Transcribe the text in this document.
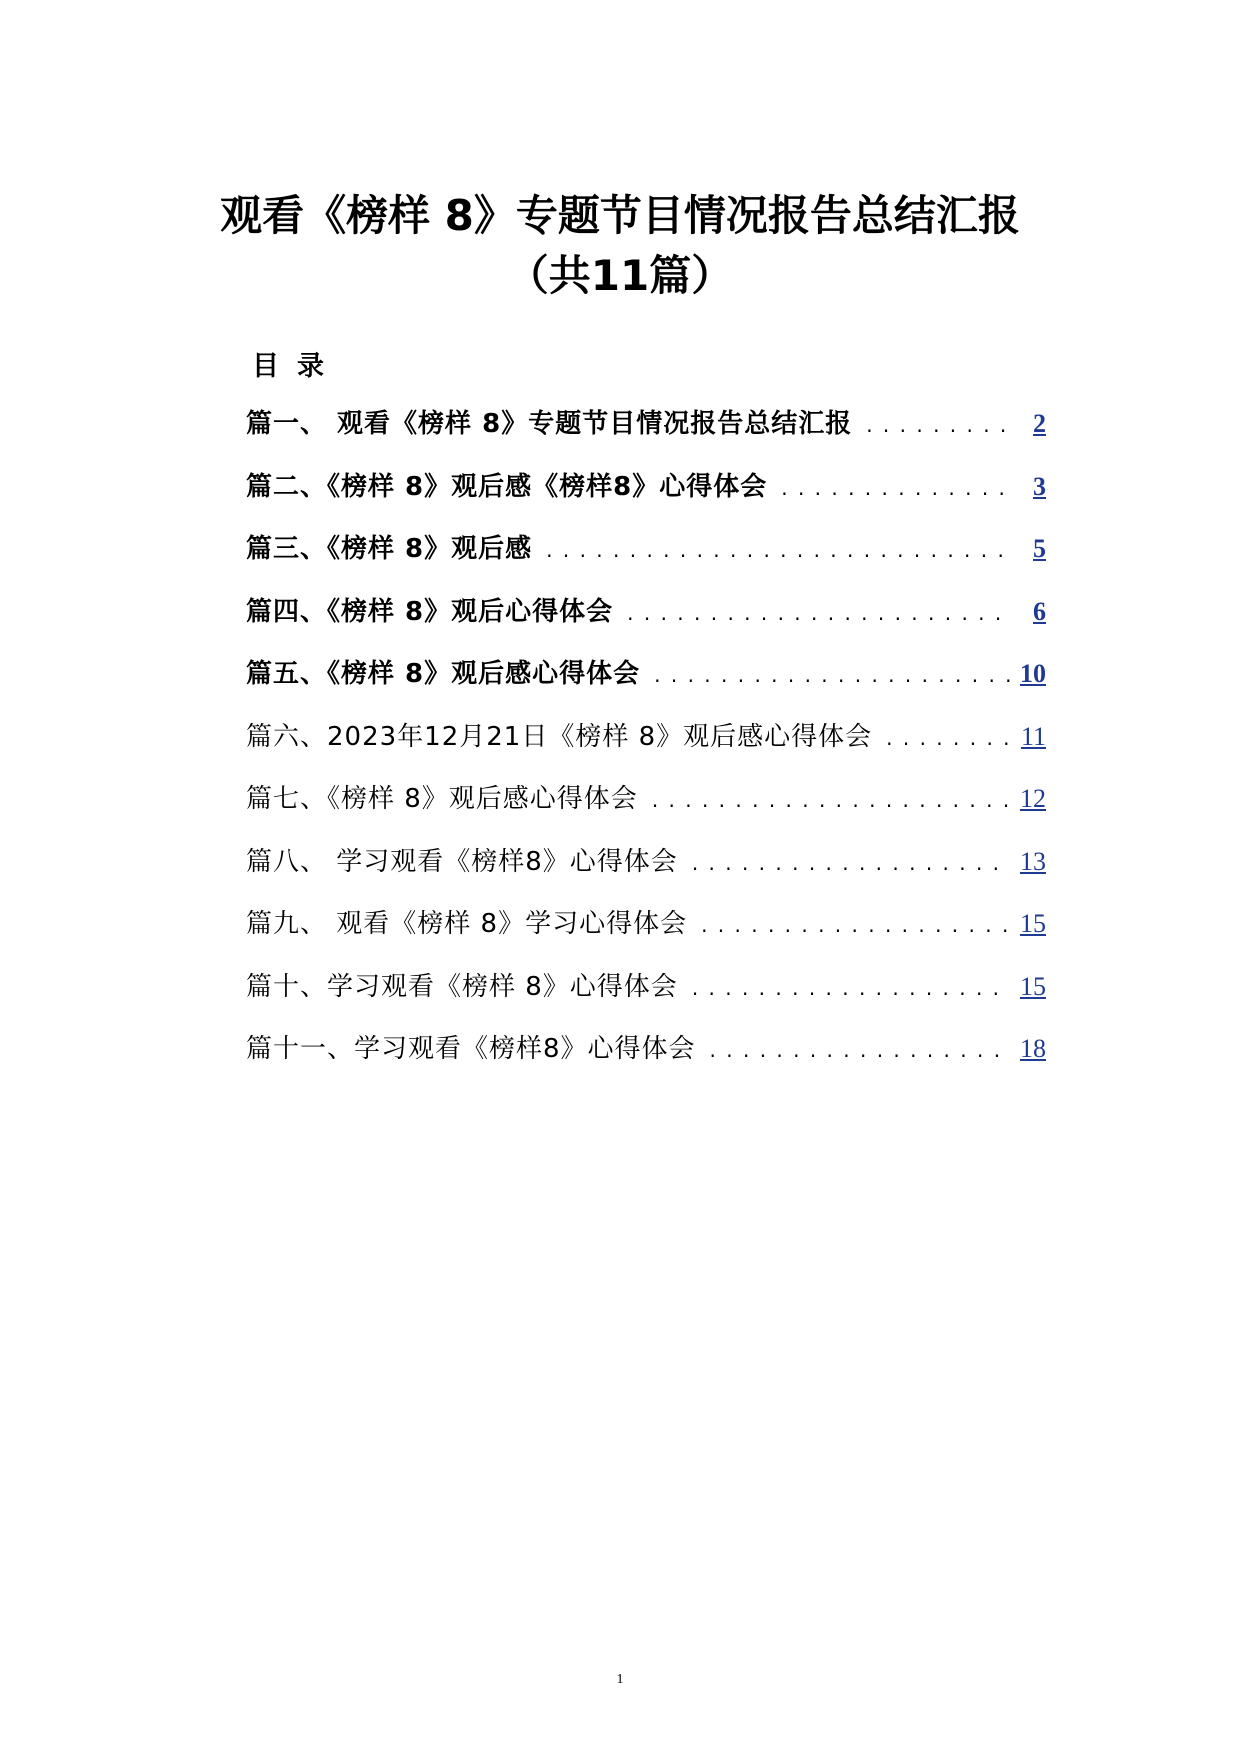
观看《榜样 8》专题节目情况报告总结汇报
（共11篇）
目录
篇一、 观看《榜样 8》专题节目情况报告总结汇报 . . .	2
篇二、《榜样 8》观后感《榜样8》心得体会 . . .	3
篇三、《榜样 8》观后感 . . .	5
篇四、《榜样 8》观后心得体会 . . .	6
篇五、《榜样 8》观后感心得体会 . . .	10
篇六、2023年12月21日《榜样 8》观后感心得体会 . . .	11
篇七、《榜样 8》观后感心得体会 . . .	12
篇八、 学习观看《榜样8》心得体会 . . .	13
篇九、 观看《榜样 8》学习心得体会 . . .	15
篇十、学习观看《榜样 8》心得体会 . . .	15
篇十一、学习观看《榜样8》心得体会 . . .	18
1
